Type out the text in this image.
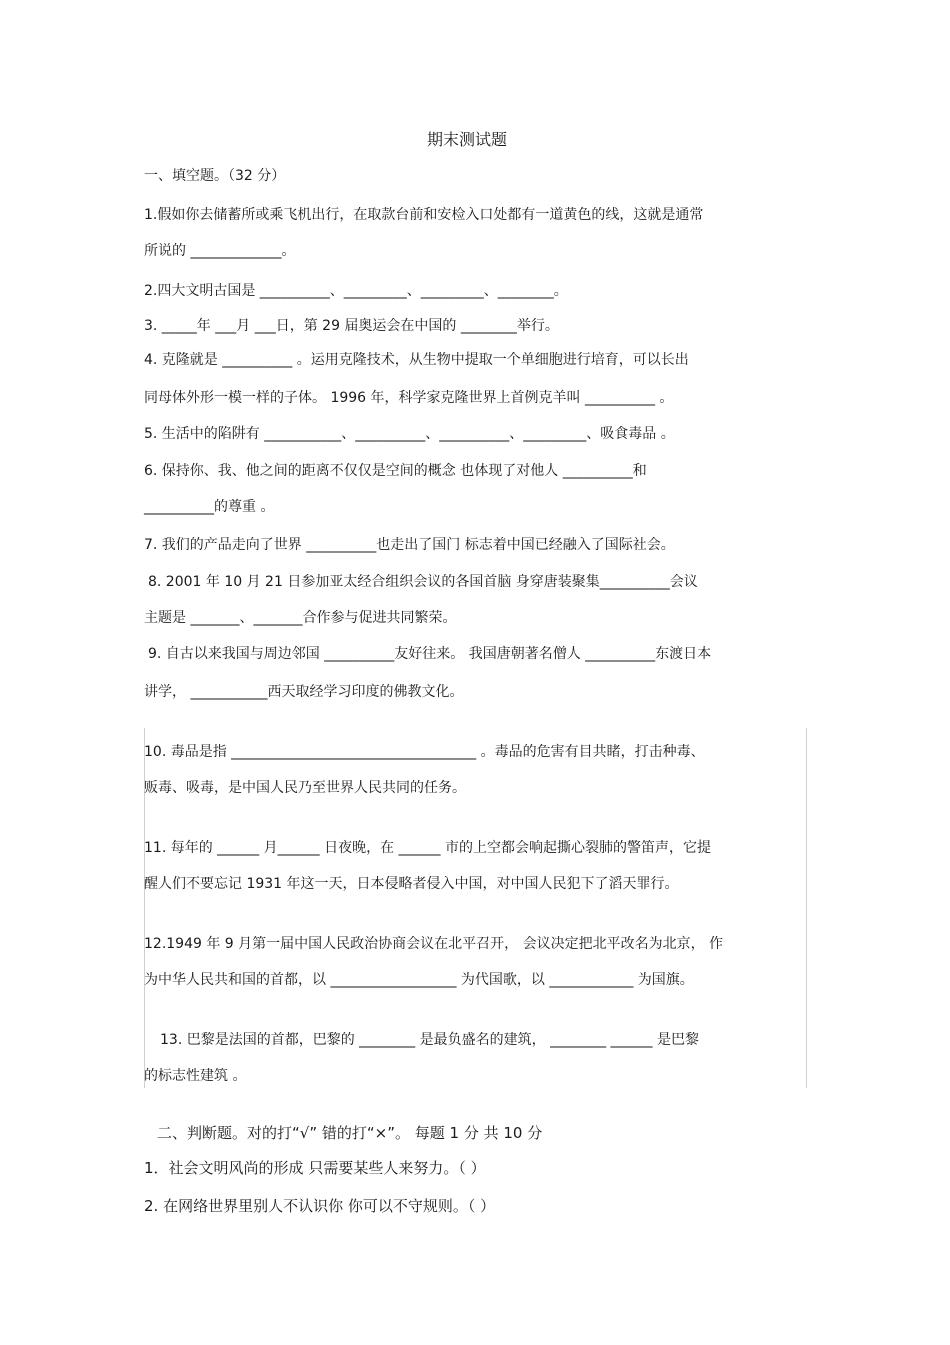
期末测试题
一、填空题。（32 分）
1.假如你去储蓄所或乘飞机出行，在取款台前和安检入口处都有一道黄色的线，这就是通常
所说的 _____________。
2.四大文明古国是 __________、_________、_________、________。
3. _____年 ___月 ___日，第 29 届奥运会在中国的 ________举行。
4. 克隆就是 __________ 。运用克隆技术，从生物中提取一个单细胞进行培育，可以长出
同母体外形一模一样的子体。 1996 年，科学家克隆世界上首例克羊叫 __________ 。
5. 生活中的陷阱有 ___________、__________、__________、_________、吸食毒品 。
6. 保持你、我、他之间的距离不仅仅是空间的概念 也体现了对他人 __________和
__________的尊重 。
7. 我们的产品走向了世界 __________也走出了国门 标志着中国已经融入了国际社会。
8. 2001 年 10 月 21 日参加亚太经合组织会议的各国首脑 身穿唐装聚集__________会议
主题是 _______、_______合作参与促进共同繁荣。
9. 自古以来我国与周边邻国 __________友好往来。 我国唐朝著名僧人 __________东渡日本
讲学， ___________西天取经学习印度的佛教文化。
10. 毒品是指 ___________________________________ 。毒品的危害有目共睹，打击种毒、
贩毒、吸毒，是中国人民乃至世界人民共同的任务。
11. 每年的 ______ 月______ 日夜晚，在 ______ 市的上空都会响起撕心裂肺的警笛声，它提
醒人们不要忘记 1931 年这一天，日本侵略者侵入中国，对中国人民犯下了滔天罪行。
12.1949 年 9 月第一届中国人民政治协商会议在北平召开， 会议决定把北平改名为北京， 作
为中华人民共和国的首都，以 __________________ 为代国歌，以 ____________ 为国旗。
13. 巴黎是法国的首都，巴黎的 ________ 是最负盛名的建筑， ________ ______ 是巴黎
的标志性建筑 。
二、判断题。对的打“√” 错的打“×”。 每题 1 分 共 10 分
1．社会文明风尚的形成 只需要某些人来努力。（ ）
2. 在网络世界里别人不认识你 你可以不守规则。（ ）
